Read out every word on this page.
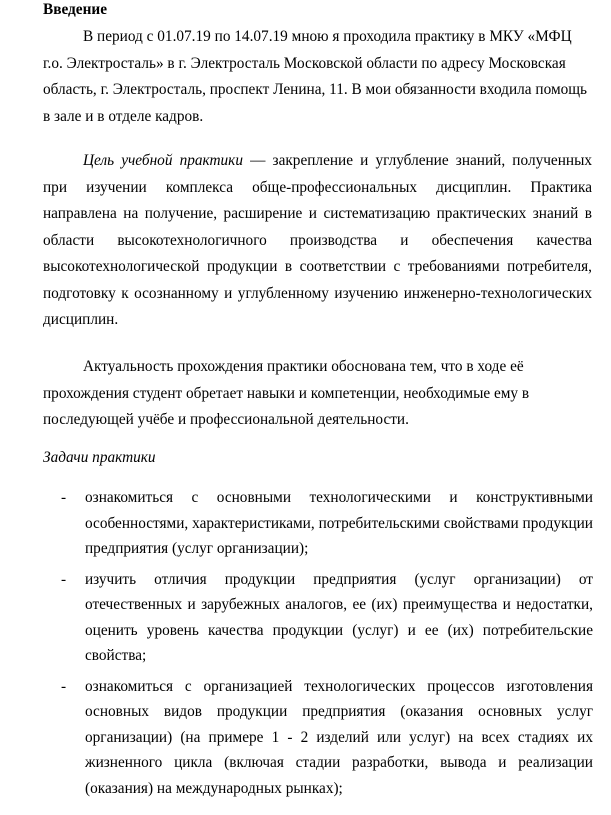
Введение

В период с 01.07.19 по 14.07.19 мною я проходила практику в МКУ «МФЦ г.о. Электросталь» в г. Электросталь Московской области по адресу Московская область, г. Электросталь, проспект Ленина, 11. В мои обязанности входила помощь в зале и в отделе кадров.

Цель учебной практики — закрепление и углубление знаний, полученных при изучении комплекса обще-профессиональных дисциплин. Практика направлена на получение, расширение и систематизацию практических знаний в области высокотехнологичного производства и обеспечения качества высокотехнологической продукции в соответствии с требованиями потребителя, подготовку к осознанному и углубленному изучению инженерно-технологических дисциплин.

Актуальность прохождения практики обоснована тем, что в ходе её прохождения студент обретает навыки и компетенции, необходимые ему в последующей учёбе и профессиональной деятельности.

Задачи практики
- ознакомиться с основными технологическими и конструктивными особенностями, характеристиками, потребительскими свойствами продукции предприятия (услуг организации);
- изучить отличия продукции предприятия (услуг организации) от отечественных и зарубежных аналогов, ее (их) преимущества и недостатки, оценить уровень качества продукции (услуг) и ее (их) потребительские свойства;
- ознакомиться с организацией технологических процессов изготовления основных видов продукции предприятия (оказания основных услуг организации) (на примере 1 - 2 изделий или услуг) на всех стадиях их жизненного цикла (включая стадии разработки, вывода и реализации (оказания) на международных рынках);
